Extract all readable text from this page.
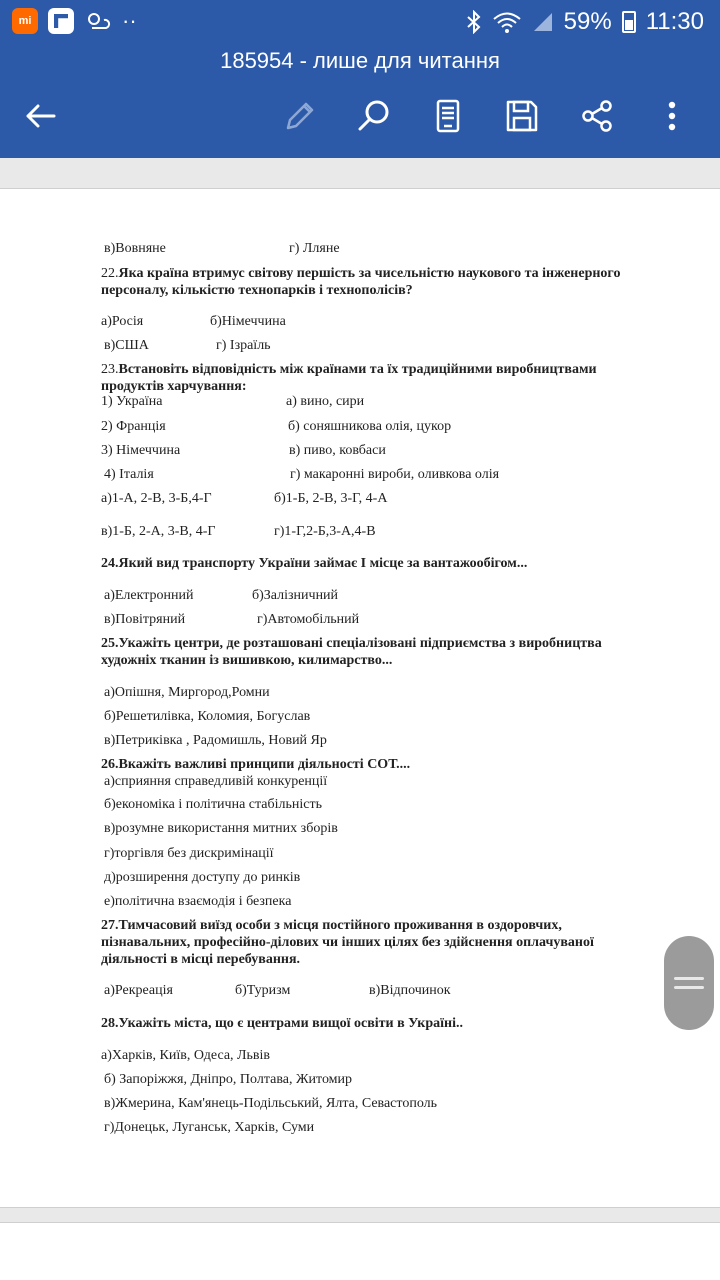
mi	··	59% 11:30
185954 - лише для читання
в)Вовняне	г) Лляне
22.Яка країна втримус світову першість за чисельністю наукового та інженерного персоналу, кількістю технопарків і технополісів?
а)Росія	б)Німеччина
в)США	г) Ізраїль
23.Встановіть відповідність між країнами та їх традиційними виробництвами продуктів харчування:
1) Україна	а) вино, сири
2) Франція	б) соняшникова олія, цукор
3) Німеччина	в) пиво, ковбаси
4) Італія	г) макаронні вироби, оливкова олія
а)1-А, 2-В, 3-Б,4-Г	б)1-Б, 2-В, 3-Г, 4-А
в)1-Б, 2-А, 3-В, 4-Г	г)1-Г,2-Б,3-А,4-В
24.Який вид транспорту України займає I місце за вантажообігом...
а)Електронний	б)Залізничний
в)Повітряний	г)Автомобільний
25.Укажіть центри, де розташовані спеціалізовані підприємства з виробництва художніх тканин із вишивкою, килимарство...
а)Опішня, Миргород,Ромни
б)Решетилівка, Коломия, Богуслав
в)Петриківка , Радомишль, Новий Яр
26.Вкажіть важливі принципи діяльності СОТ....
а)сприяння справедливій конкуренції
б)економіка і політична стабільність
в)розумне використання митних зборів
г)торгівля без дискримінації
д)розширення доступу до ринків
е)політична взаємодія і безпека
27.Тимчасовий виїзд особи з місця постійного проживання в оздоровчих, пізнавальних, професійно-ділових чи інших цілях без здійснення оплачуваної діяльності в місці перебування.
а)Рекреація	б)Туризм	в)Відпочинок
28.Укажіть міста, що є центрами вищої освіти в Україні..
а)Харків, Київ, Одеса, Львів
б) Запоріжжя, Дніпро, Полтава, Житомир
в)Жмерина, Кам'янець-Подільський, Ялта, Севастополь
г)Донецьк, Луганськ, Харків, Суми
